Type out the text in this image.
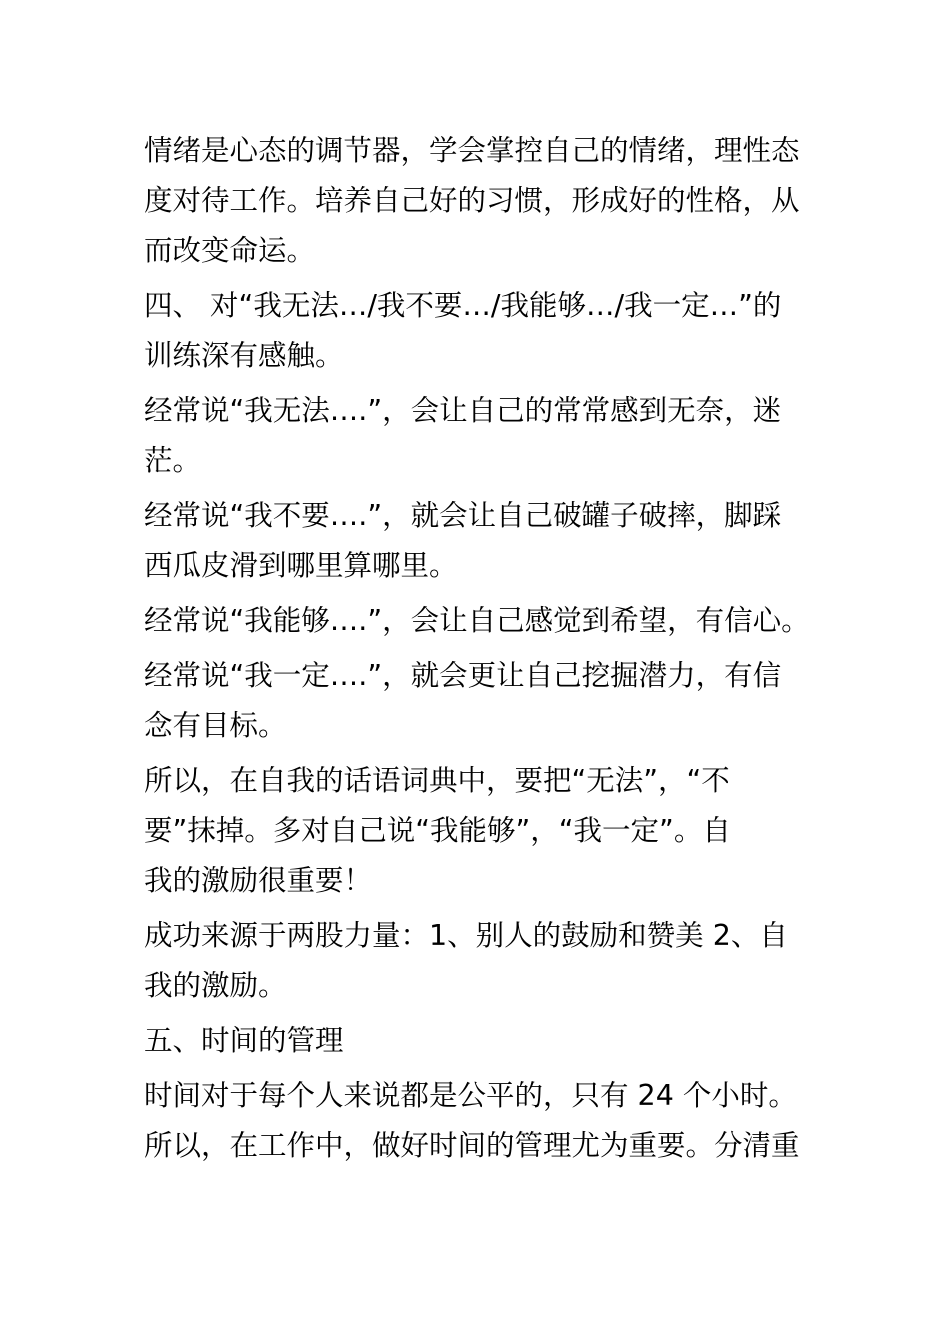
情绪是心态的调节器，学会掌控自己的情绪，理性态
度对待工作。培养自己好的习惯，形成好的性格，从
而改变命运。

四、 对“我无法…/我不要…/我能够…/我一定…”的
训练深有感触。

经常说“我无法….”，会让自己的常常感到无奈，迷
茫。

经常说“我不要….”，就会让自己破罐子破摔，脚踩
西瓜皮滑到哪里算哪里。

经常说“我能够….”，会让自己感觉到希望，有信心。

经常说“我一定….”，就会更让自己挖掘潜力，有信
念有目标。

所以，在自我的话语词典中，要把“无法”，“不
要”抹掉。多对自己说“我能够”，“我一定”。自
我的激励很重要！

成功来源于两股力量：1、别人的鼓励和赞美 2、自
我的激励。

五、时间的管理

时间对于每个人来说都是公平的，只有 24 个小时。
所以，在工作中，做好时间的管理尤为重要。分清重
